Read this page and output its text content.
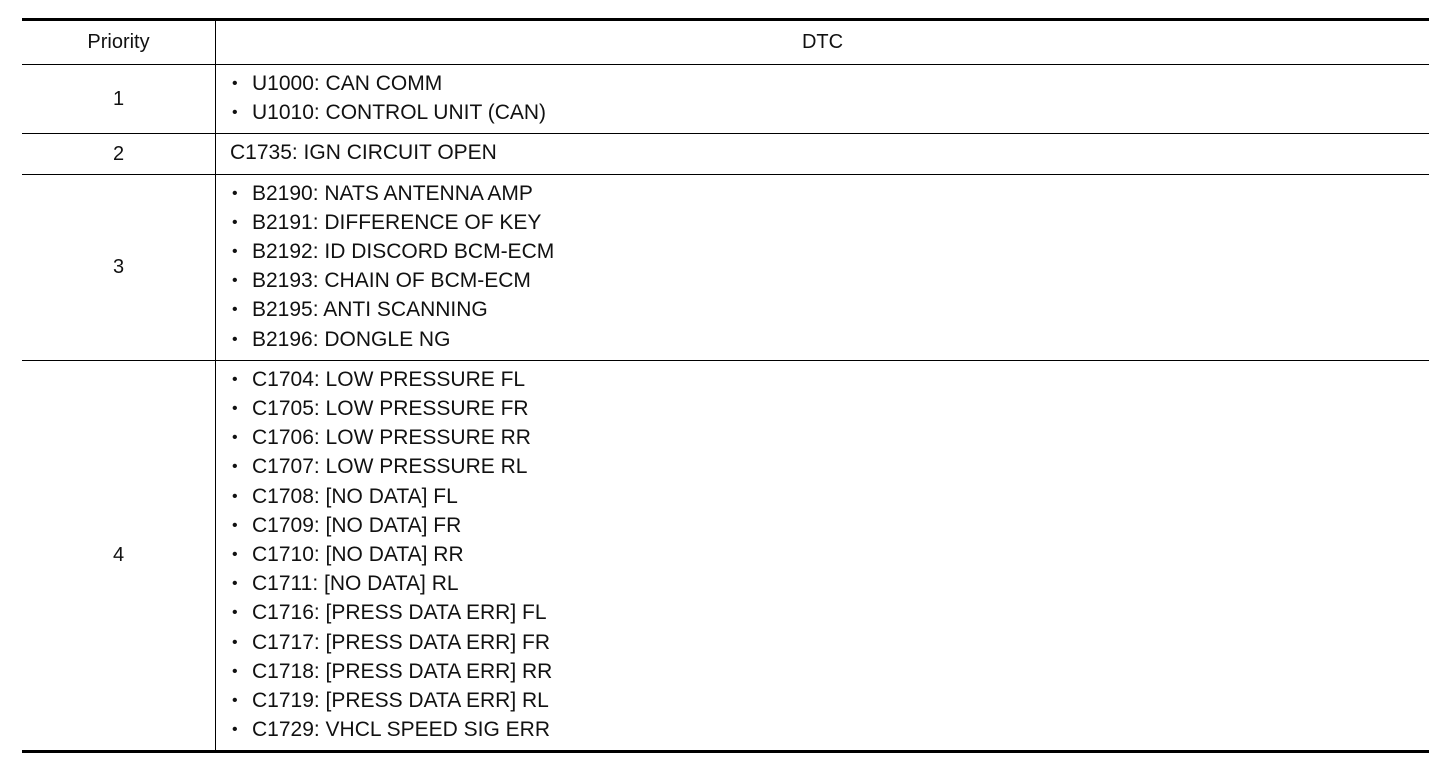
Priority	DTC
1
• U1000: CAN COMM
• U1010: CONTROL UNIT (CAN)
2	C1735: IGN CIRCUIT OPEN
3
• B2190: NATS ANTENNA AMP
• B2191: DIFFERENCE OF KEY
• B2192: ID DISCORD BCM-ECM
• B2193: CHAIN OF BCM-ECM
• B2195: ANTI SCANNING
• B2196: DONGLE NG
4
• C1704: LOW PRESSURE FL
• C1705: LOW PRESSURE FR
• C1706: LOW PRESSURE RR
• C1707: LOW PRESSURE RL
• C1708: [NO DATA] FL
• C1709: [NO DATA] FR
• C1710: [NO DATA] RR
• C1711: [NO DATA] RL
• C1716: [PRESS DATA ERR] FL
• C1717: [PRESS DATA ERR] FR
• C1718: [PRESS DATA ERR] RR
• C1719: [PRESS DATA ERR] RL
• C1729: VHCL SPEED SIG ERR
